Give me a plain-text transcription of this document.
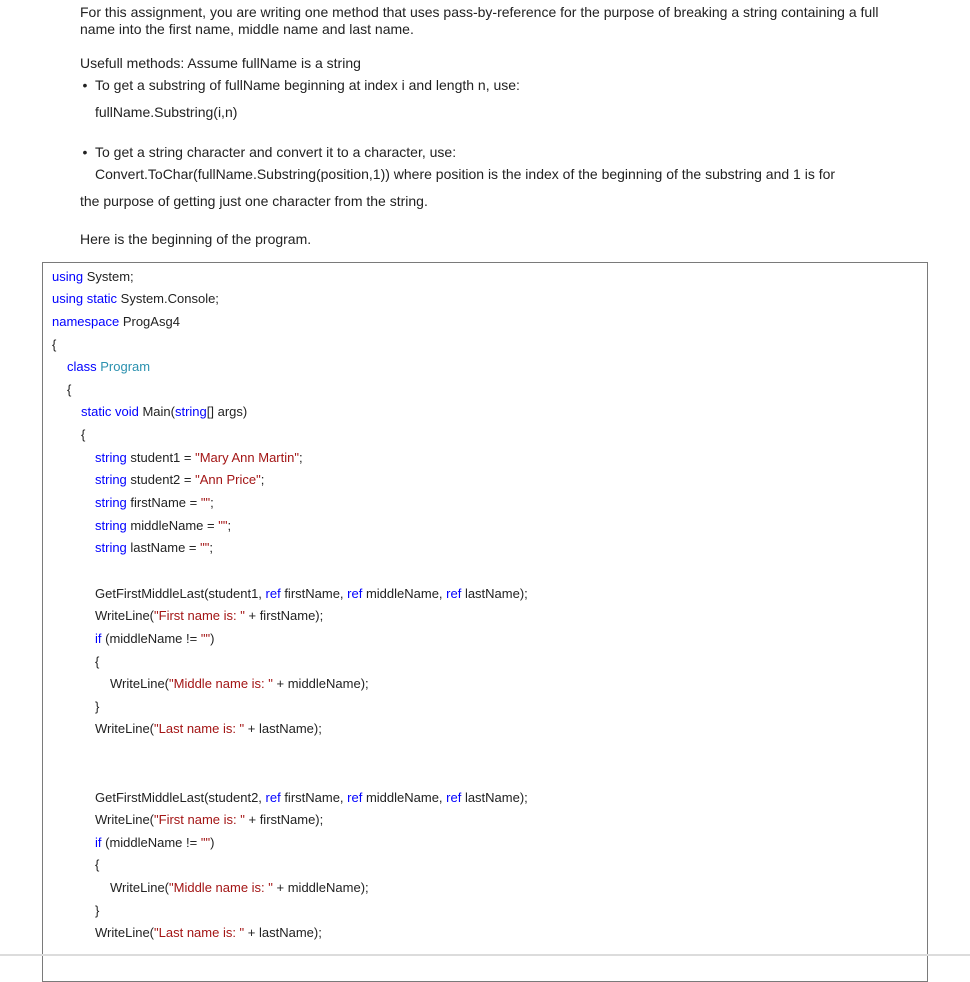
For this assignment, you are writing one method that uses pass-by-reference for the purpose of breaking a string containing a full
name into the first name, middle name and last name.
Usefull methods: Assume fullName is a string
• To get a substring of fullName beginning at index i and length n, use:
fullName.Substring(i,n)
• To get a string character and convert it to a character, use:
Convert.ToChar(fullName.Substring(position,1)) where position is the index of the beginning of the substring and 1 is for
the purpose of getting just one character from the string.
Here is the beginning of the program.
using System;
using static System.Console;
namespace ProgAsg4
{
class Program
{
static void Main(string[] args)
{
string student1 = "Mary Ann Martin";
string student2 = "Ann Price";
string firstName = "";
string middleName = "";
string lastName = "";
GetFirstMiddleLast(student1, ref firstName, ref middleName, ref lastName);
WriteLine("First name is: " + firstName);
if (middleName != "")
{
WriteLine("Middle name is: " + middleName);
}
WriteLine("Last name is: " + lastName);
GetFirstMiddleLast(student2, ref firstName, ref middleName, ref lastName);
WriteLine("First name is: " + firstName);
if (middleName != "")
{
WriteLine("Middle name is: " + middleName);
}
WriteLine("Last name is: " + lastName);
